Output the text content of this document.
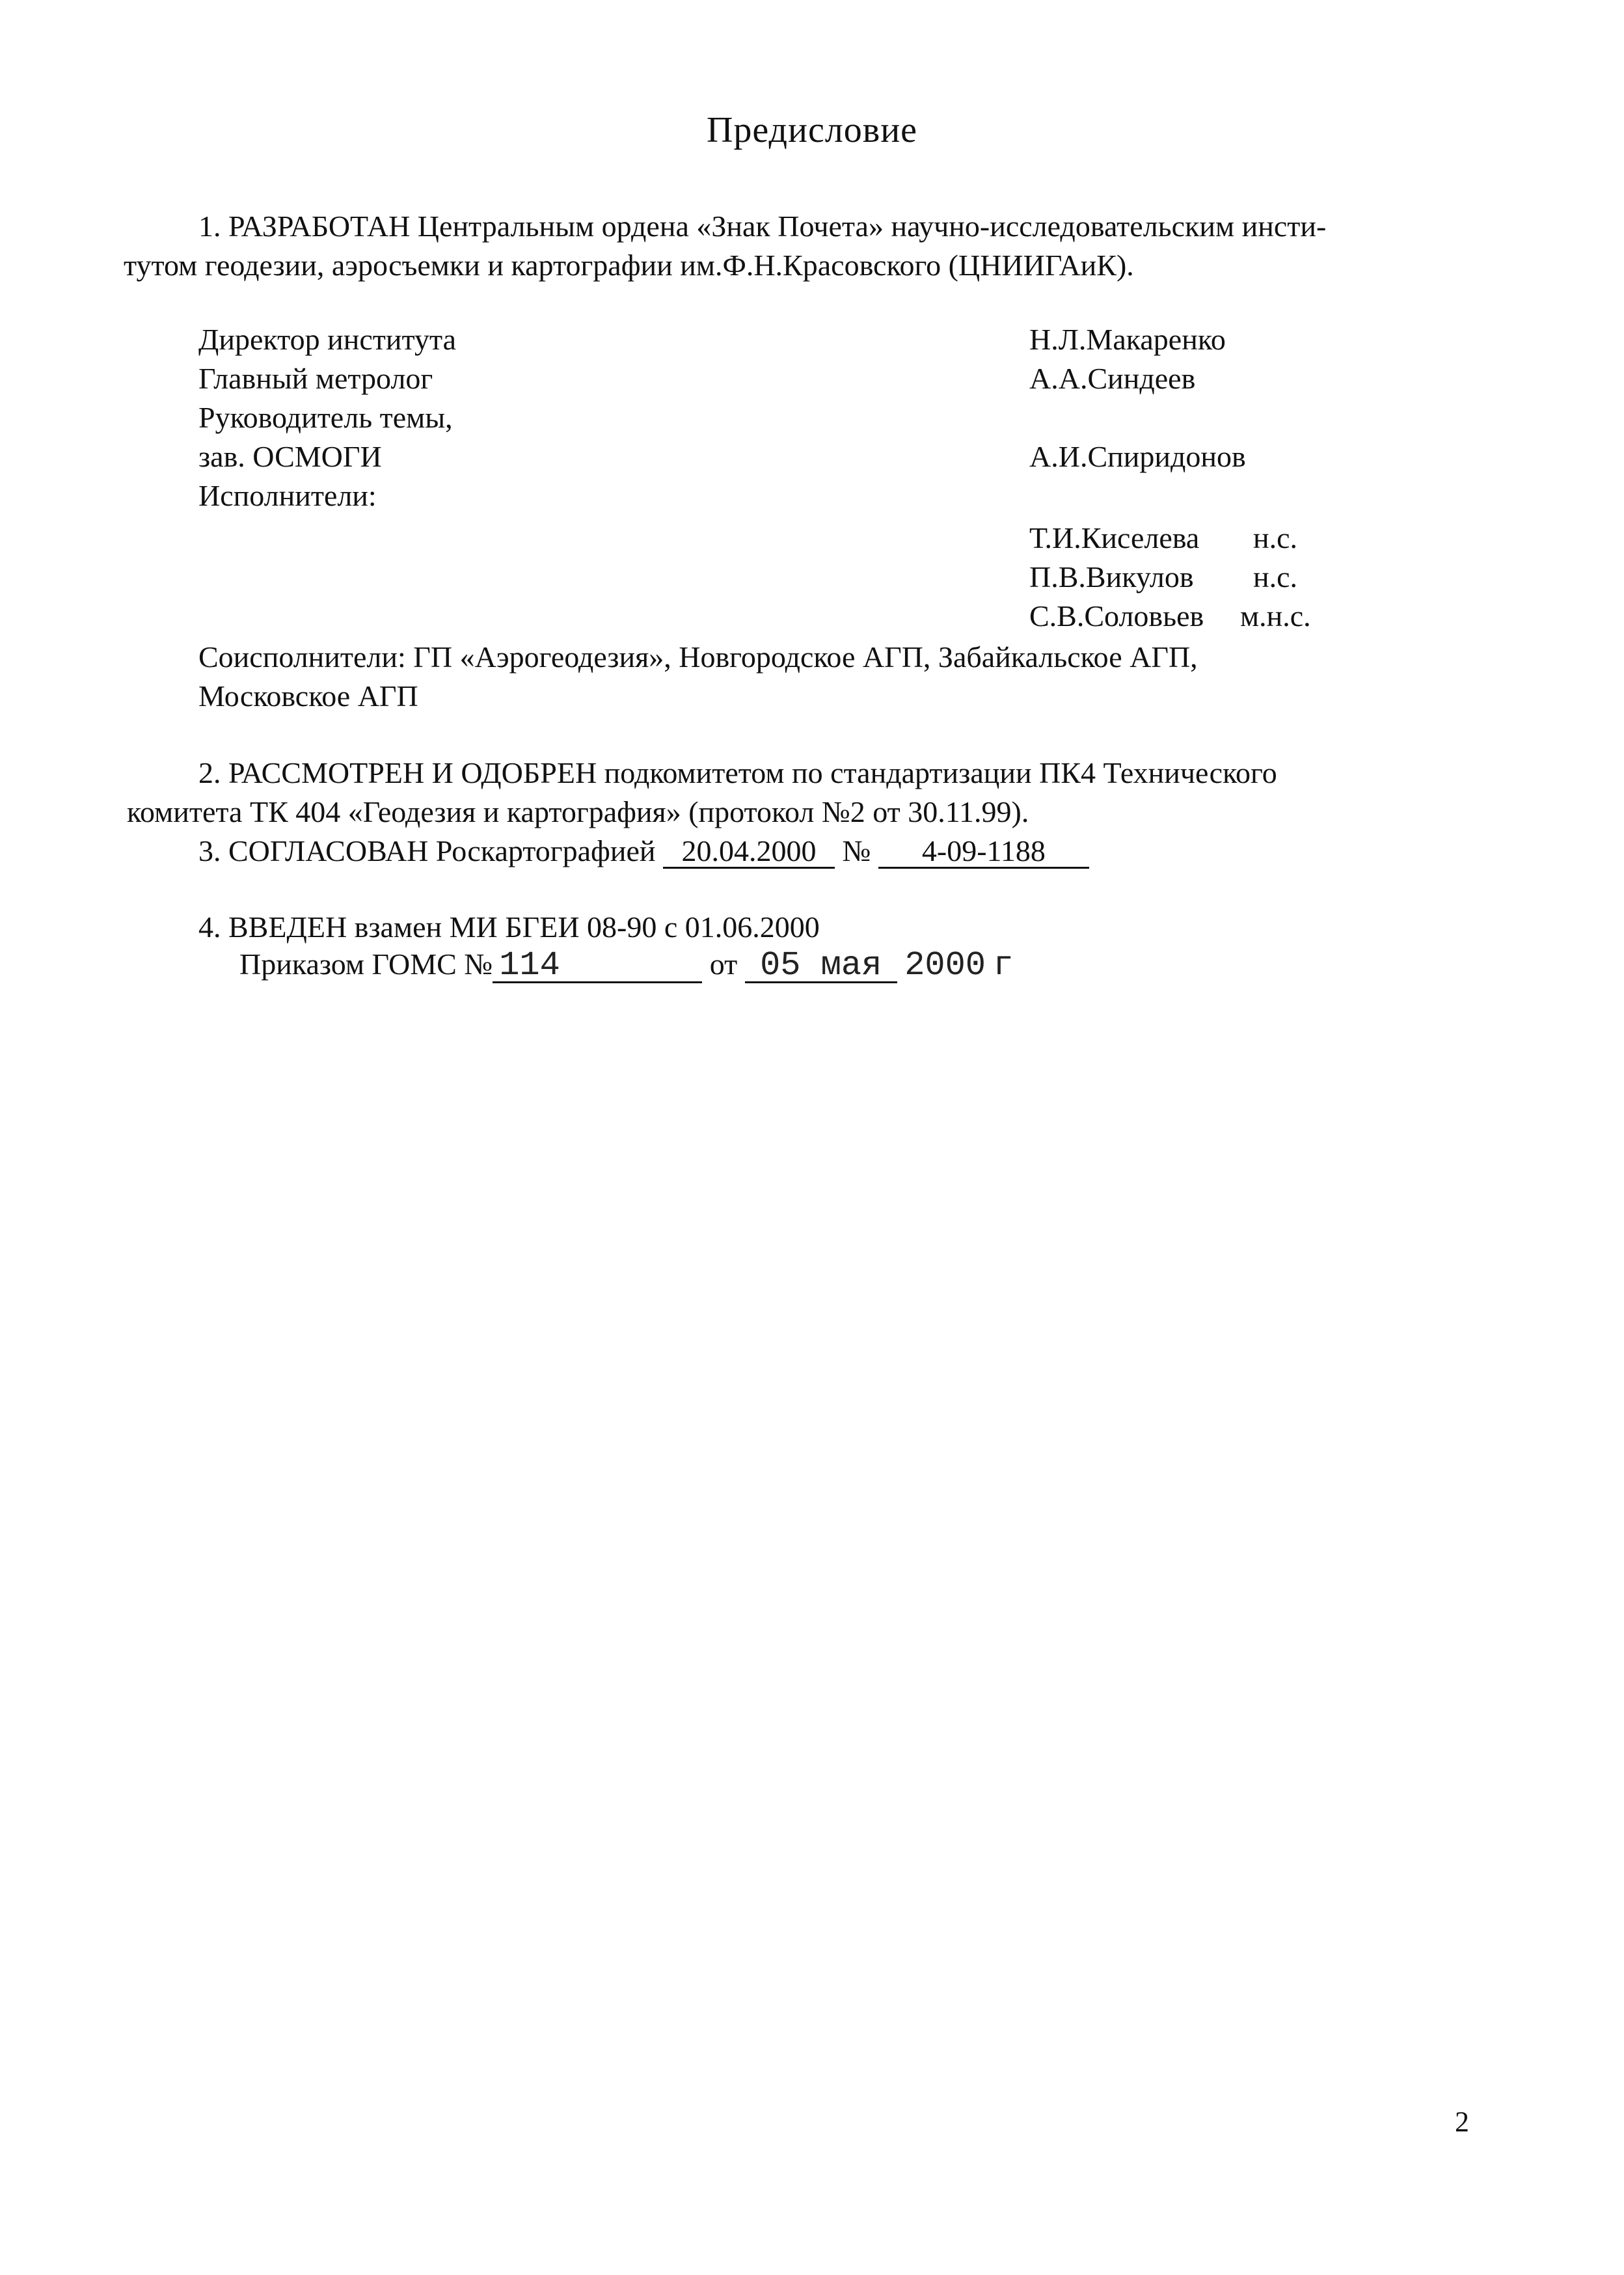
Предисловие
1. РАЗРАБОТАН Центральным ордена «Знак Почета» научно-исследовательским инсти-
тутом геодезии, аэросъемки и картографии им.Ф.Н.Красовского (ЦНИИГАиК).
Директор института	Н.Л.Макаренко
Главный метролог	А.А.Синдеев
Руководитель темы,
зав. ОСМОГИ	А.И.Спиридонов
Исполнители:
Т.И.Киселева н.с.
П.В.Викулов н.с.
С.В.Соловьев м.н.с.
Соисполнители: ГП «Аэрогеодезия», Новгородское АГП, Забайкальское АГП,
Московское АГП
2. РАССМОТРЕН И ОДОБРЕН подкомитетом по стандартизации ПК4 Технического
комитета ТК 404 «Геодезия и картография» (протокол №2 от 30.11.99).
3. СОГЛАСОВАН Роскартографией 20.04.2000 № 4-09-1188
4. ВВЕДЕН взамен МИ БГЕИ 08-90 с 01.06.2000
Приказом ГОМС № 114	от 05 мая 2000 г
2
